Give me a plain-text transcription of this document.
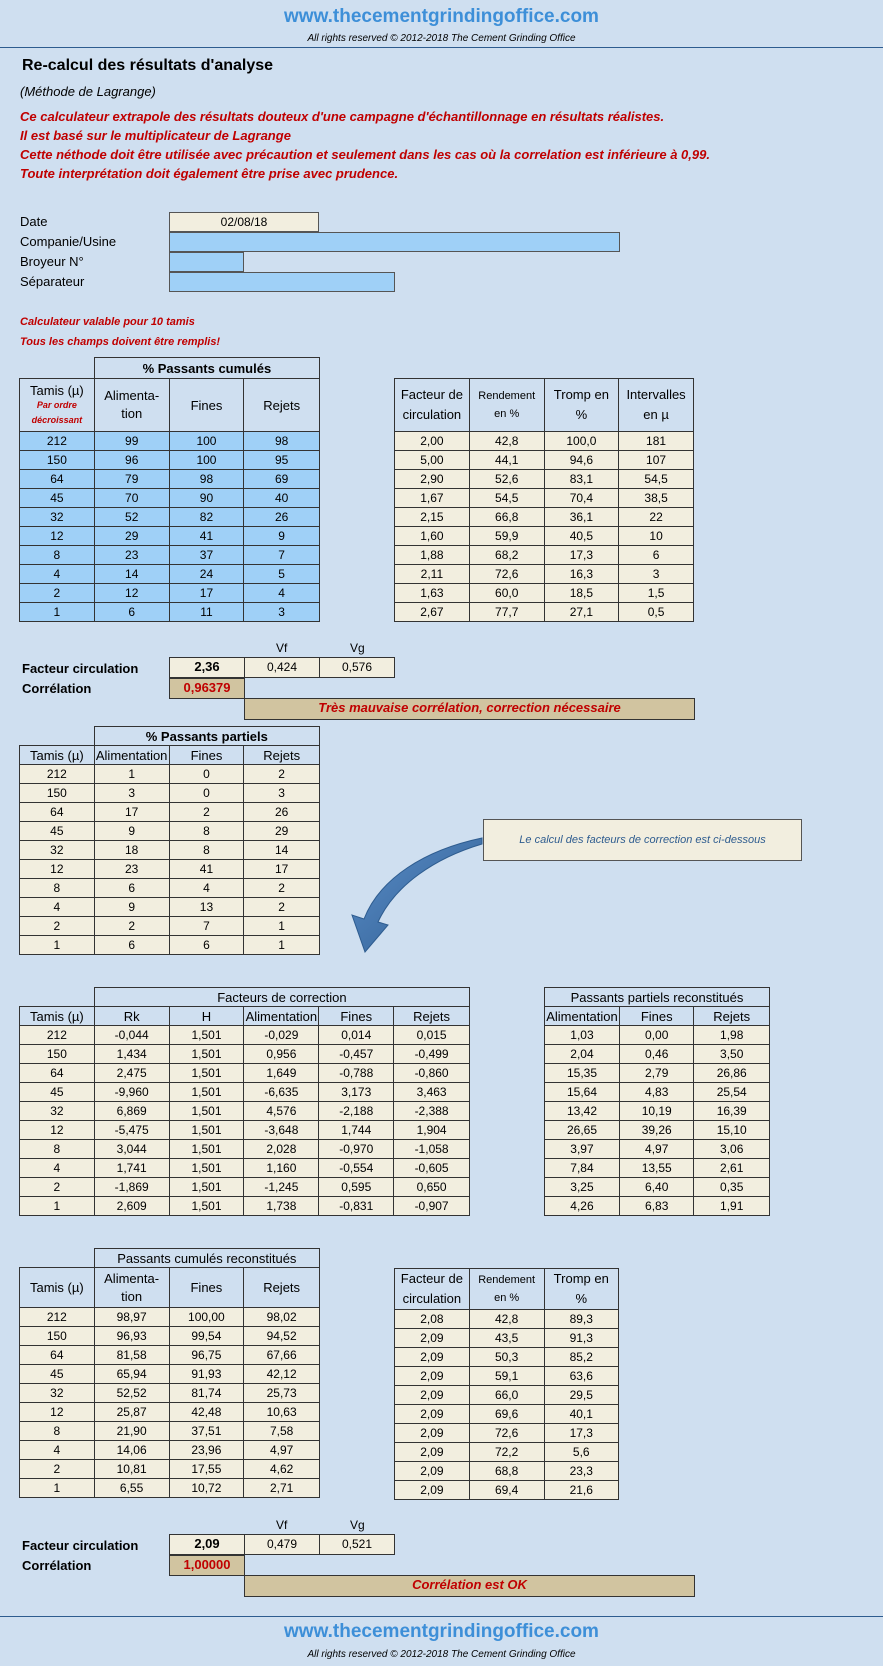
www.thecementgrindingoffice.com
All rights reserved © 2012-2018 The Cement Grinding Office
Re-calcul des résultats d'analyse
(Méthode de Lagrange)
Ce calculateur extrapole des résultats douteux d'une campagne d'échantillonnage en résultats réalistes.
Il est basé sur le multiplicateur de Lagrange
Cette néthode doit être utilisée avec précaution et seulement dans les cas où la correlation est inférieure à 0,99.
Toute interprétation doit également être prise avec prudence.
Date	02/08/18
Companie/Usine
Broyeur N°
Séparateur
Calculateur valable pour 10 tamis
Tous les champs doivent être remplis!
	% Passants cumulés		
Tamis (µ)
Par ordre
décroissant	Alimenta-
tion	Fines	Rejets
212	99	100	98
150	96	100	95
64	79	98	69
45	70	90	40
32	52	82	26
12	29	41	9
8	23	37	7
4	14	24	5
2	12	17	4
1	6	11	3
Facteur de
circulation	Rendement
en %	Tromp en
%	Intervalles
en µ
2,00	42,8	100,0	181
5,00	44,1	94,6	107
2,90	52,6	83,1	54,5
1,67	54,5	70,4	38,5
2,15	66,8	36,1	22
1,60	59,9	40,5	10
1,88	68,2	17,3	6
2,11	72,6	16,3	3
1,63	60,0	18,5	1,5
2,67	77,7	27,1	0,5
Vf	Vg
Facteur circulation	2,36	0,424	0,576
Corrélation	0,96379
Très mauvaise corrélation, correction nécessaire
	% Passants partiels		
Tamis (µ)	Alimentation	Fines	Rejets
212	1	0	2
150	3	0	3
64	17	2	26
45	9	8	29
32	18	8	14
12	23	41	17
8	6	4	2
4	9	13	2
2	2	7	1
1	6	6	1
Le calcul des facteurs de correction est ci-dessous
	Facteurs de correction				
Tamis (µ)	Rk	H	Alimentation	Fines	Rejets
212	-0,044	1,501	-0,029	0,014	0,015
150	1,434	1,501	0,956	-0,457	-0,499
64	2,475	1,501	1,649	-0,788	-0,860
45	-9,960	1,501	-6,635	3,173	3,463
32	6,869	1,501	4,576	-2,188	-2,388
12	-5,475	1,501	-3,648	1,744	1,904
8	3,044	1,501	2,028	-0,970	-1,058
4	1,741	1,501	1,160	-0,554	-0,605
2	-1,869	1,501	-1,245	0,595	0,650
1	2,609	1,501	1,738	-0,831	-0,907
Passants partiels reconstitués		
Alimentation	Fines	Rejets
1,03	0,00	1,98
2,04	0,46	3,50
15,35	2,79	26,86
15,64	4,83	25,54
13,42	10,19	16,39
26,65	39,26	15,10
3,97	4,97	3,06
7,84	13,55	2,61
3,25	6,40	0,35
4,26	6,83	1,91
	Passants cumulés reconstitués		
Tamis (µ)	Alimenta-
tion	Fines	Rejets
212	98,97	100,00	98,02
150	96,93	99,54	94,52
64	81,58	96,75	67,66
45	65,94	91,93	42,12
32	52,52	81,74	25,73
12	25,87	42,48	10,63
8	21,90	37,51	7,58
4	14,06	23,96	4,97
2	10,81	17,55	4,62
1	6,55	10,72	2,71
Facteur de
circulation	Rendement
en %	Tromp en
%
2,08	42,8	89,3
2,09	43,5	91,3
2,09	50,3	85,2
2,09	59,1	63,6
2,09	66,0	29,5
2,09	69,6	40,1
2,09	72,6	17,3
2,09	72,2	5,6
2,09	68,8	23,3
2,09	69,4	21,6
Vf	Vg
Facteur circulation	2,09	0,479	0,521
Corrélation	1,00000
Corrélation est OK
www.thecementgrindingoffice.com
All rights reserved © 2012-2018 The Cement Grinding Office
